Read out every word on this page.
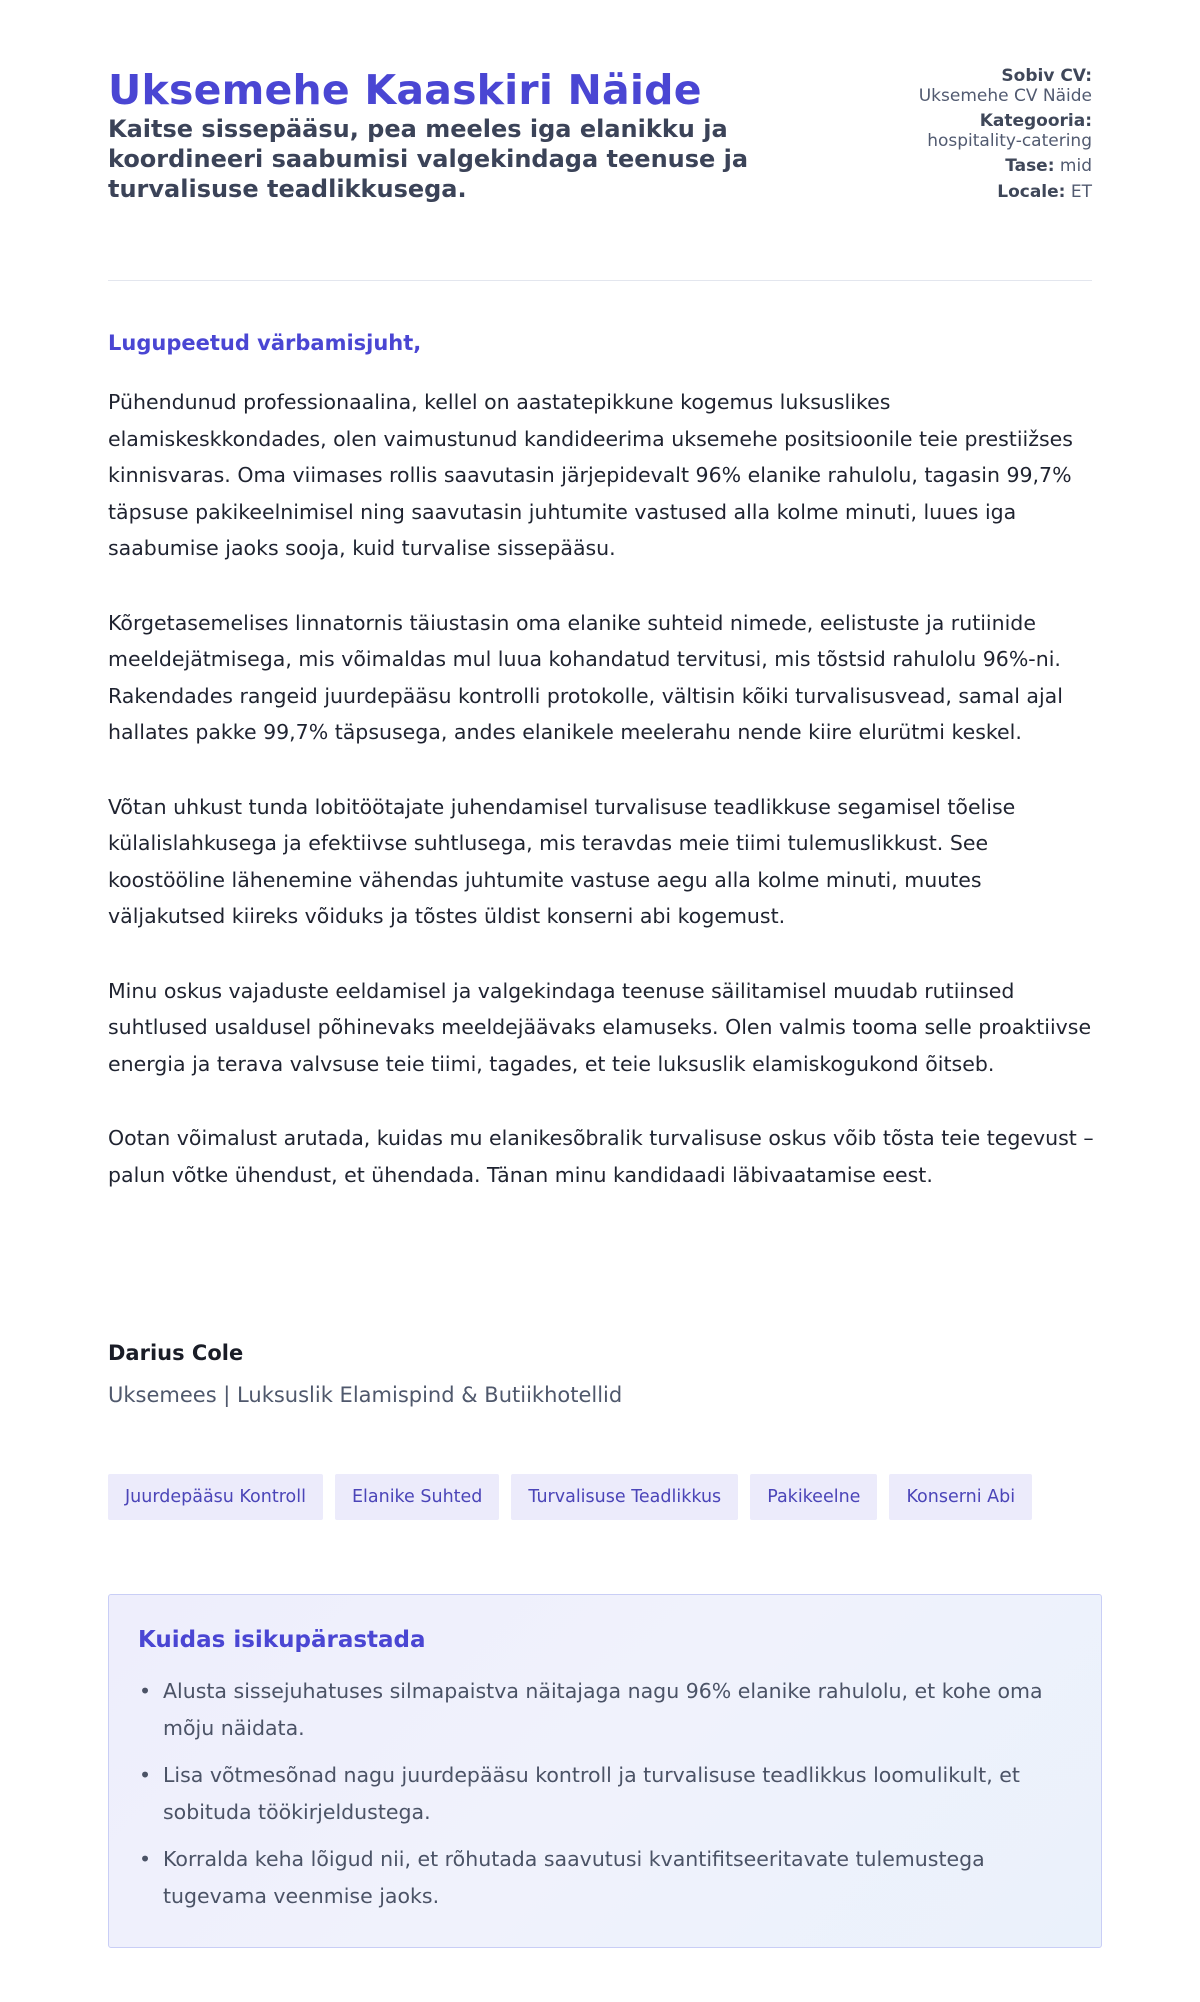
Uksemehe Kaaskiri Näide

Kaitse sissepääsu, pea meeles iga elanikku ja koordineeri saabumisi valgekindaga teenuse ja turvalisuse teadlikkusega.

Sobiv CV:
Uksemehe CV Näide
Kategooria:
hospitality-catering
Tase: mid
Locale: ET

Lugupeetud värbamisjuht,

Pühendunud professionaalina, kellel on aastatepikkune kogemus luksuslikes elamiskeskkondades, olen vaimustunud kandideerima uksemehe positsioonile teie prestiižses kinnisvaras. Oma viimases rollis saavutasin järjepidevalt 96% elanike rahulolu, tagasin 99,7% täpsuse pakikeelnimisel ning saavutasin juhtumite vastused alla kolme minuti, luues iga saabumise jaoks sooja, kuid turvalise sissepääsu.

Kõrgetasemelises linnatornis täiustasin oma elanike suhteid nimede, eelistuste ja rutiinide meeldejätmisega, mis võimaldas mul luua kohandatud tervitusi, mis tõstsid rahulolu 96%-ni. Rakendades rangeid juurdepääsu kontrolli protokolle, vältisin kõiki turvalisusvead, samal ajal hallates pakke 99,7% täpsusega, andes elanikele meelerahu nende kiire elurütmi keskel.

Võtan uhkust tunda lobitöötajate juhendamisel turvalisuse teadlikkuse segamisel tõelise külalislahkusega ja efektiivse suhtlusega, mis teravdas meie tiimi tulemuslikkust. See koostööline lähenemine vähendas juhtumite vastuse aegu alla kolme minuti, muutes väljakutsed kiireks võiduks ja tõstes üldist konserni abi kogemust.

Minu oskus vajaduste eeldamisel ja valgekindaga teenuse säilitamisel muudab rutiinsed suhtlused usaldusel põhinevaks meeldejäävaks elamuseks. Olen valmis tooma selle proaktiivse energia ja terava valvsuse teie tiimi, tagades, et teie luksuslik elamiskogukond õitseb.

Ootan võimalust arutada, kuidas mu elanikesõbralik turvalisuse oskus võib tõsta teie tegevust – palun võtke ühendust, et ühendada. Tänan minu kandidaadi läbivaatamise eest.

Darius Cole

Uksemees | Luksuslik Elamispind & Butiikhotellid

Juurdepääsu Kontroll	Elanike Suhted	Turvalisuse Teadlikkus	Pakikeelne	Konserni Abi
Kuidas isikupärastada
• Alusta sissejuhatuses silmapaistva näitajaga nagu 96% elanike rahulolu, et kohe oma mõju näidata.
• Lisa võtmesõnad nagu juurdepääsu kontroll ja turvalisuse teadlikkus loomulikult, et sobituda töökirjeldustega.
• Korralda keha lõigud nii, et rõhutada saavutusi kvantifitseeritavate tulemustega tugevama veenmise jaoks.
